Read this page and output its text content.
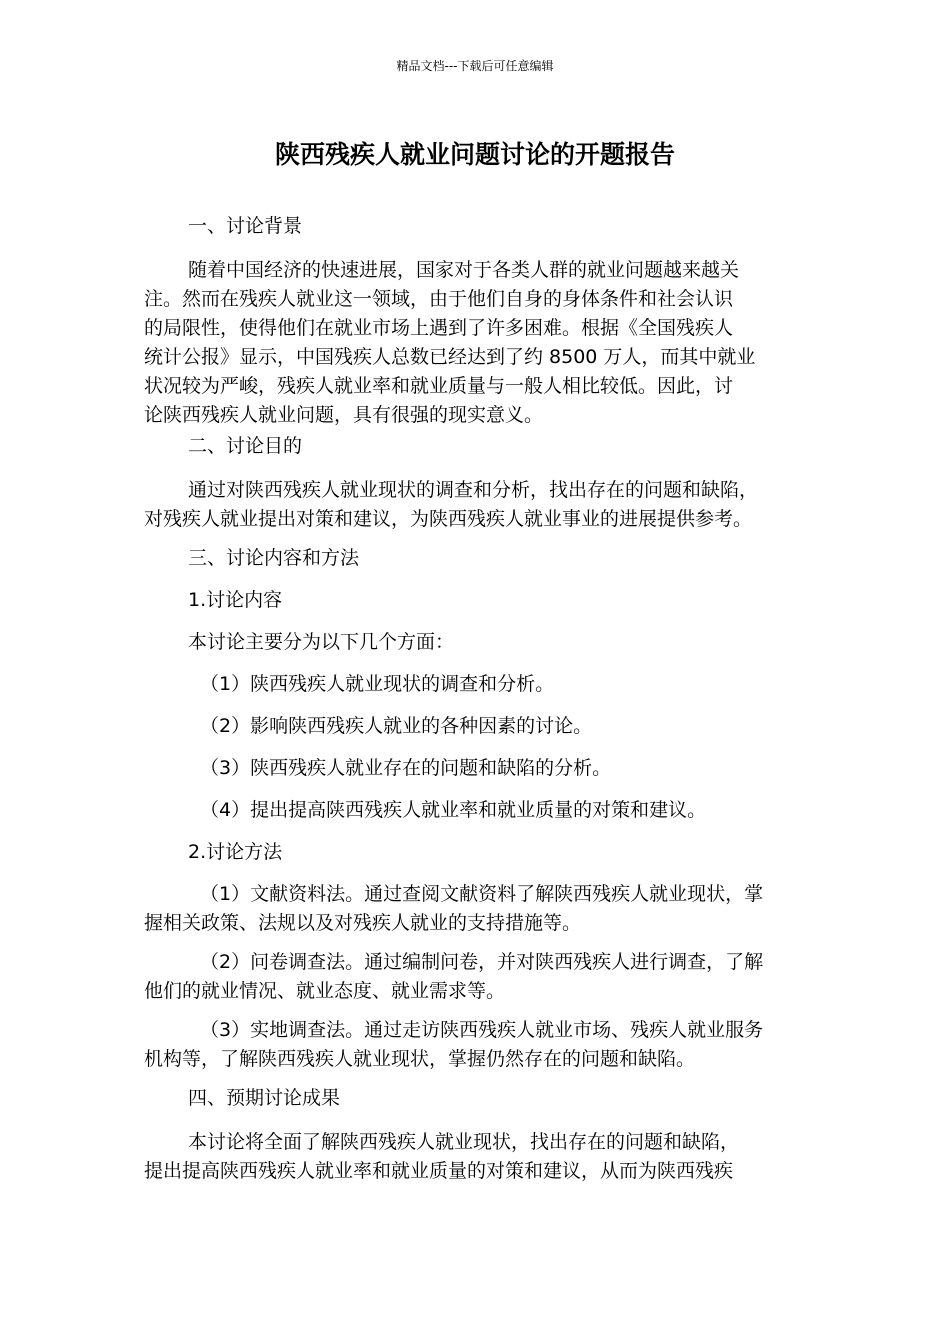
精品文档---下载后可任意编辑
陕西残疾人就业问题讨论的开题报告
一、讨论背景
随着中国经济的快速进展，国家对于各类人群的就业问题越来越关
注。然而在残疾人就业这一领域，由于他们自身的身体条件和社会认识
的局限性，使得他们在就业市场上遇到了许多困难。根据《全国残疾人
统计公报》显示，中国残疾人总数已经达到了约 8500 万人，而其中就业
状况较为严峻，残疾人就业率和就业质量与一般人相比较低。因此，讨
论陕西残疾人就业问题，具有很强的现实意义。
二、讨论目的
通过对陕西残疾人就业现状的调查和分析，找出存在的问题和缺陷，
对残疾人就业提出对策和建议，为陕西残疾人就业事业的进展提供参考。
三、讨论内容和方法
1.讨论内容
本讨论主要分为以下几个方面：
（1）陕西残疾人就业现状的调查和分析。
（2）影响陕西残疾人就业的各种因素的讨论。
（3）陕西残疾人就业存在的问题和缺陷的分析。
（4）提出提高陕西残疾人就业率和就业质量的对策和建议。
2.讨论方法
（1）文献资料法。通过查阅文献资料了解陕西残疾人就业现状，掌
握相关政策、法规以及对残疾人就业的支持措施等。
（2）问卷调查法。通过编制问卷，并对陕西残疾人进行调查，了解
他们的就业情况、就业态度、就业需求等。
（3）实地调查法。通过走访陕西残疾人就业市场、残疾人就业服务
机构等，了解陕西残疾人就业现状，掌握仍然存在的问题和缺陷。
四、预期讨论成果
本讨论将全面了解陕西残疾人就业现状，找出存在的问题和缺陷，
提出提高陕西残疾人就业率和就业质量的对策和建议，从而为陕西残疾
